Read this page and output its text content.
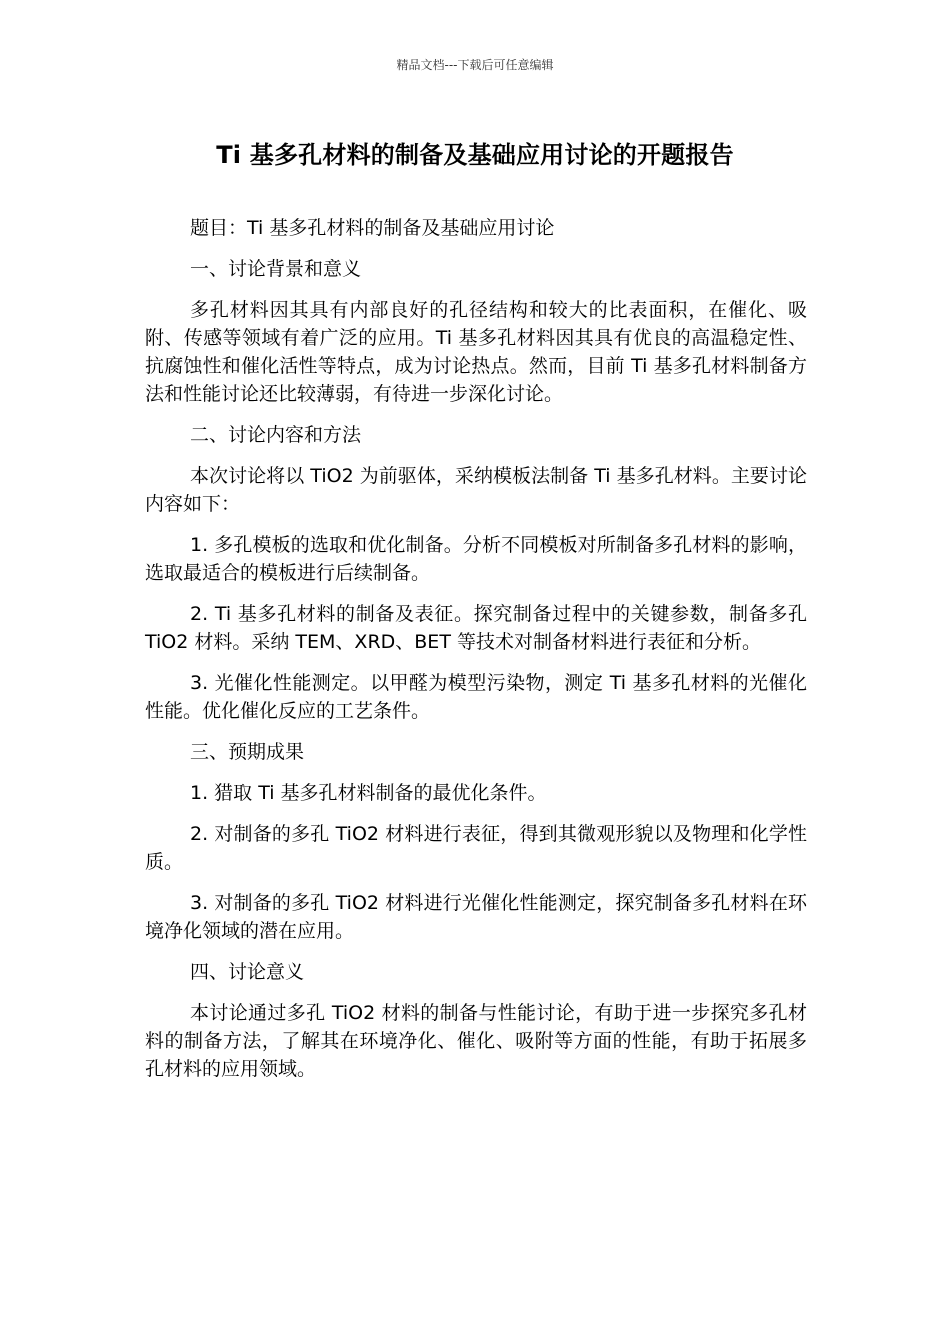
精品文档---下载后可任意编辑
Ti 基多孔材料的制备及基础应用讨论的开题报告

题目：Ti 基多孔材料的制备及基础应用讨论

一、讨论背景和意义

多孔材料因其具有内部良好的孔径结构和较大的比表面积，在催化、吸附、传感等领域有着广泛的应用。Ti 基多孔材料因其具有优良的高温稳定性、抗腐蚀性和催化活性等特点，成为讨论热点。然而，目前 Ti 基多孔材料制备方法和性能讨论还比较薄弱，有待进一步深化讨论。

二、讨论内容和方法

本次讨论将以 TiO2 为前驱体，采纳模板法制备 Ti 基多孔材料。主要讨论内容如下：

1. 多孔模板的选取和优化制备。分析不同模板对所制备多孔材料的影响，选取最适合的模板进行后续制备。

2. Ti 基多孔材料的制备及表征。探究制备过程中的关键参数，制备多孔 TiO2 材料。采纳 TEM、XRD、BET 等技术对制备材料进行表征和分析。

3. 光催化性能测定。以甲醛为模型污染物，测定 Ti 基多孔材料的光催化性能。优化催化反应的工艺条件。

三、预期成果

1. 猎取 Ti 基多孔材料制备的最优化条件。

2. 对制备的多孔 TiO2 材料进行表征，得到其微观形貌以及物理和化学性质。

3. 对制备的多孔 TiO2 材料进行光催化性能测定，探究制备多孔材料在环境净化领域的潜在应用。

四、讨论意义

本讨论通过多孔 TiO2 材料的制备与性能讨论，有助于进一步探究多孔材料的制备方法，了解其在环境净化、催化、吸附等方面的性能，有助于拓展多孔材料的应用领域。
